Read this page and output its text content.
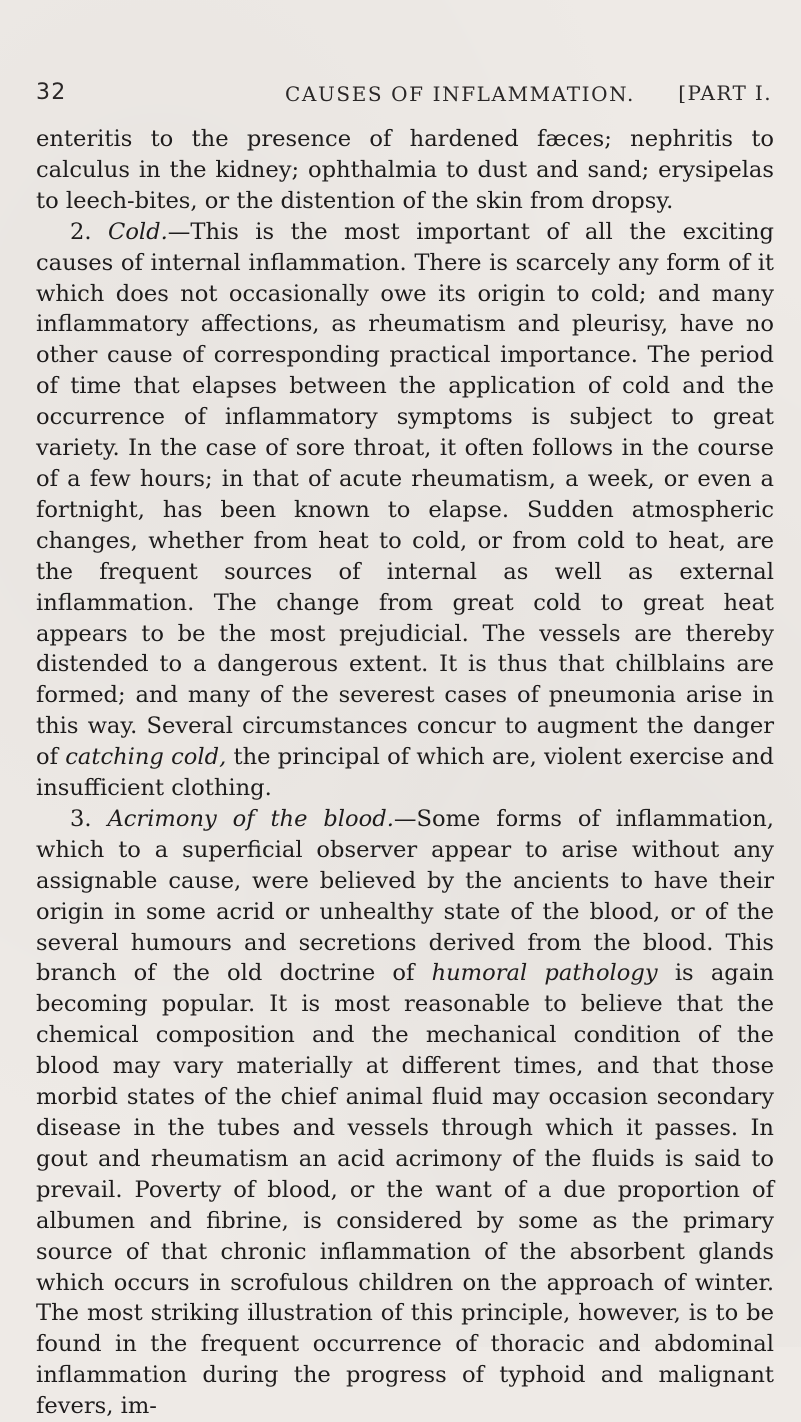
32	CAUSES OF INFLAMMATION. [PART I.

enteritis to the presence of hardened fæces; nephritis to calculus in the kidney; ophthalmia to dust and sand; erysipelas to leech-bites, or the distention of the skin from dropsy.

2. Cold.—This is the most important of all the exciting causes of internal inflammation. There is scarcely any form of it which does not occasionally owe its origin to cold; and many inflammatory affections, as rheumatism and pleurisy, have no other cause of corresponding practical importance. The period of time that elapses between the application of cold and the occurrence of inflammatory symptoms is subject to great variety. In the case of sore throat, it often follows in the course of a few hours; in that of acute rheumatism, a week, or even a fortnight, has been known to elapse. Sudden atmospheric changes, whether from heat to cold, or from cold to heat, are the frequent sources of internal as well as external inflammation. The change from great cold to great heat appears to be the most prejudicial. The vessels are thereby distended to a dangerous extent. It is thus that chilblains are formed; and many of the severest cases of pneumonia arise in this way. Several circumstances concur to augment the danger of catching cold, the principal of which are, violent exercise and insufficient clothing.

3. Acrimony of the blood.—Some forms of inflammation, which to a superficial observer appear to arise without any assignable cause, were believed by the ancients to have their origin in some acrid or unhealthy state of the blood, or of the several humours and secretions derived from the blood. This branch of the old doctrine of humoral pathology is again becoming popular. It is most reasonable to believe that the chemical composition and the mechanical condition of the blood may vary materially at different times, and that those morbid states of the chief animal fluid may occasion secondary disease in the tubes and vessels through which it passes. In gout and rheumatism an acid acrimony of the fluids is said to prevail. Poverty of blood, or the want of a due proportion of albumen and fibrine, is considered by some as the primary source of that chronic inflammation of the absorbent glands which occurs in scrofulous children on the approach of winter. The most striking illustration of this principle, however, is to be found in the frequent occurrence of thoracic and abdominal inflammation during the progress of typhoid and malignant fevers, im-
